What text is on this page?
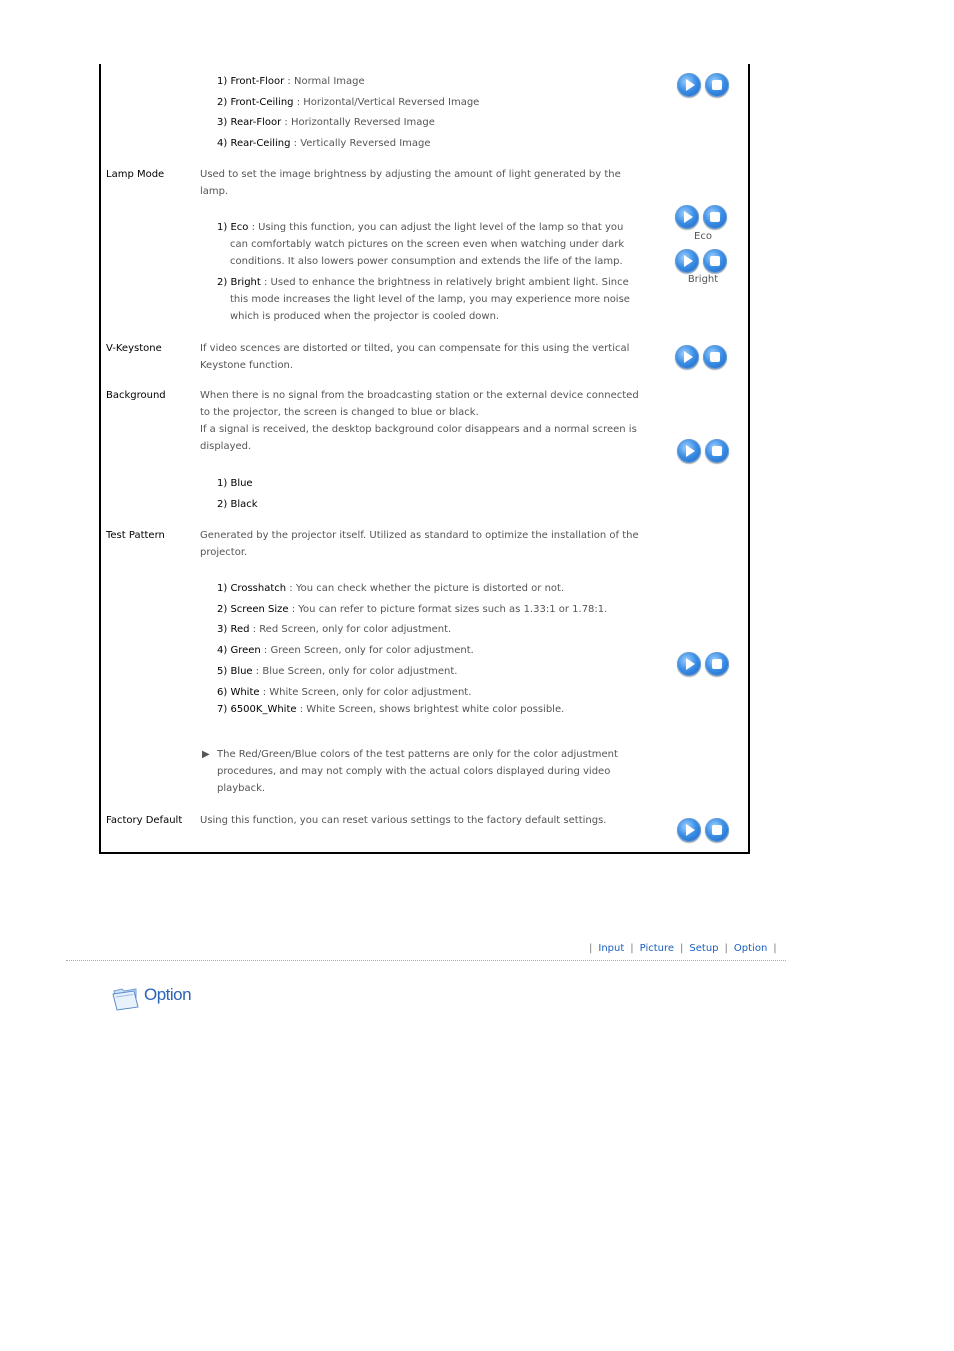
1) Front-Floor : Normal Image
2) Front-Ceiling : Horizontal/Vertical Reversed Image
3) Rear-Floor : Horizontally Reversed Image
4) Rear-Ceiling : Vertically Reversed Image
Lamp Mode	Used to set the image brightness by adjusting the amount of light generated by the
lamp.
1) Eco : Using this function, you can adjust the light level of the lamp so that you
can comfortably watch pictures on the screen even when watching under dark
conditions. It also lowers power consumption and extends the life of the lamp.
2) Bright : Used to enhance the brightness in relatively bright ambient light. Since
this mode increases the light level of the lamp, you may experience more noise
which is produced when the projector is cooled down.
Eco
Bright
V-Keystone	If video scences are distorted or tilted, you can compensate for this using the vertical
Keystone function.
Background	When there is no signal from the broadcasting station or the external device connected
to the projector, the screen is changed to blue or black.
If a signal is received, the desktop background color disappears and a normal screen is
displayed.
1) Blue
2) Black
Test Pattern	Generated by the projector itself. Utilized as standard to optimize the installation of the
projector.
1) Crosshatch : You can check whether the picture is distorted or not.
2) Screen Size : You can refer to picture format sizes such as 1.33:1 or 1.78:1.
3) Red : Red Screen, only for color adjustment.
4) Green : Green Screen, only for color adjustment.
5) Blue : Blue Screen, only for color adjustment.
6) White : White Screen, only for color adjustment.
7) 6500K_White : White Screen, shows brightest white color possible.
▶ The Red/Green/Blue colors of the test patterns are only for the color adjustment
procedures, and may not comply with the actual colors displayed during video
playback.
Factory Default Using this function, you can reset various settings to the factory default settings.
| Input | Picture | Setup | Option |
Option
